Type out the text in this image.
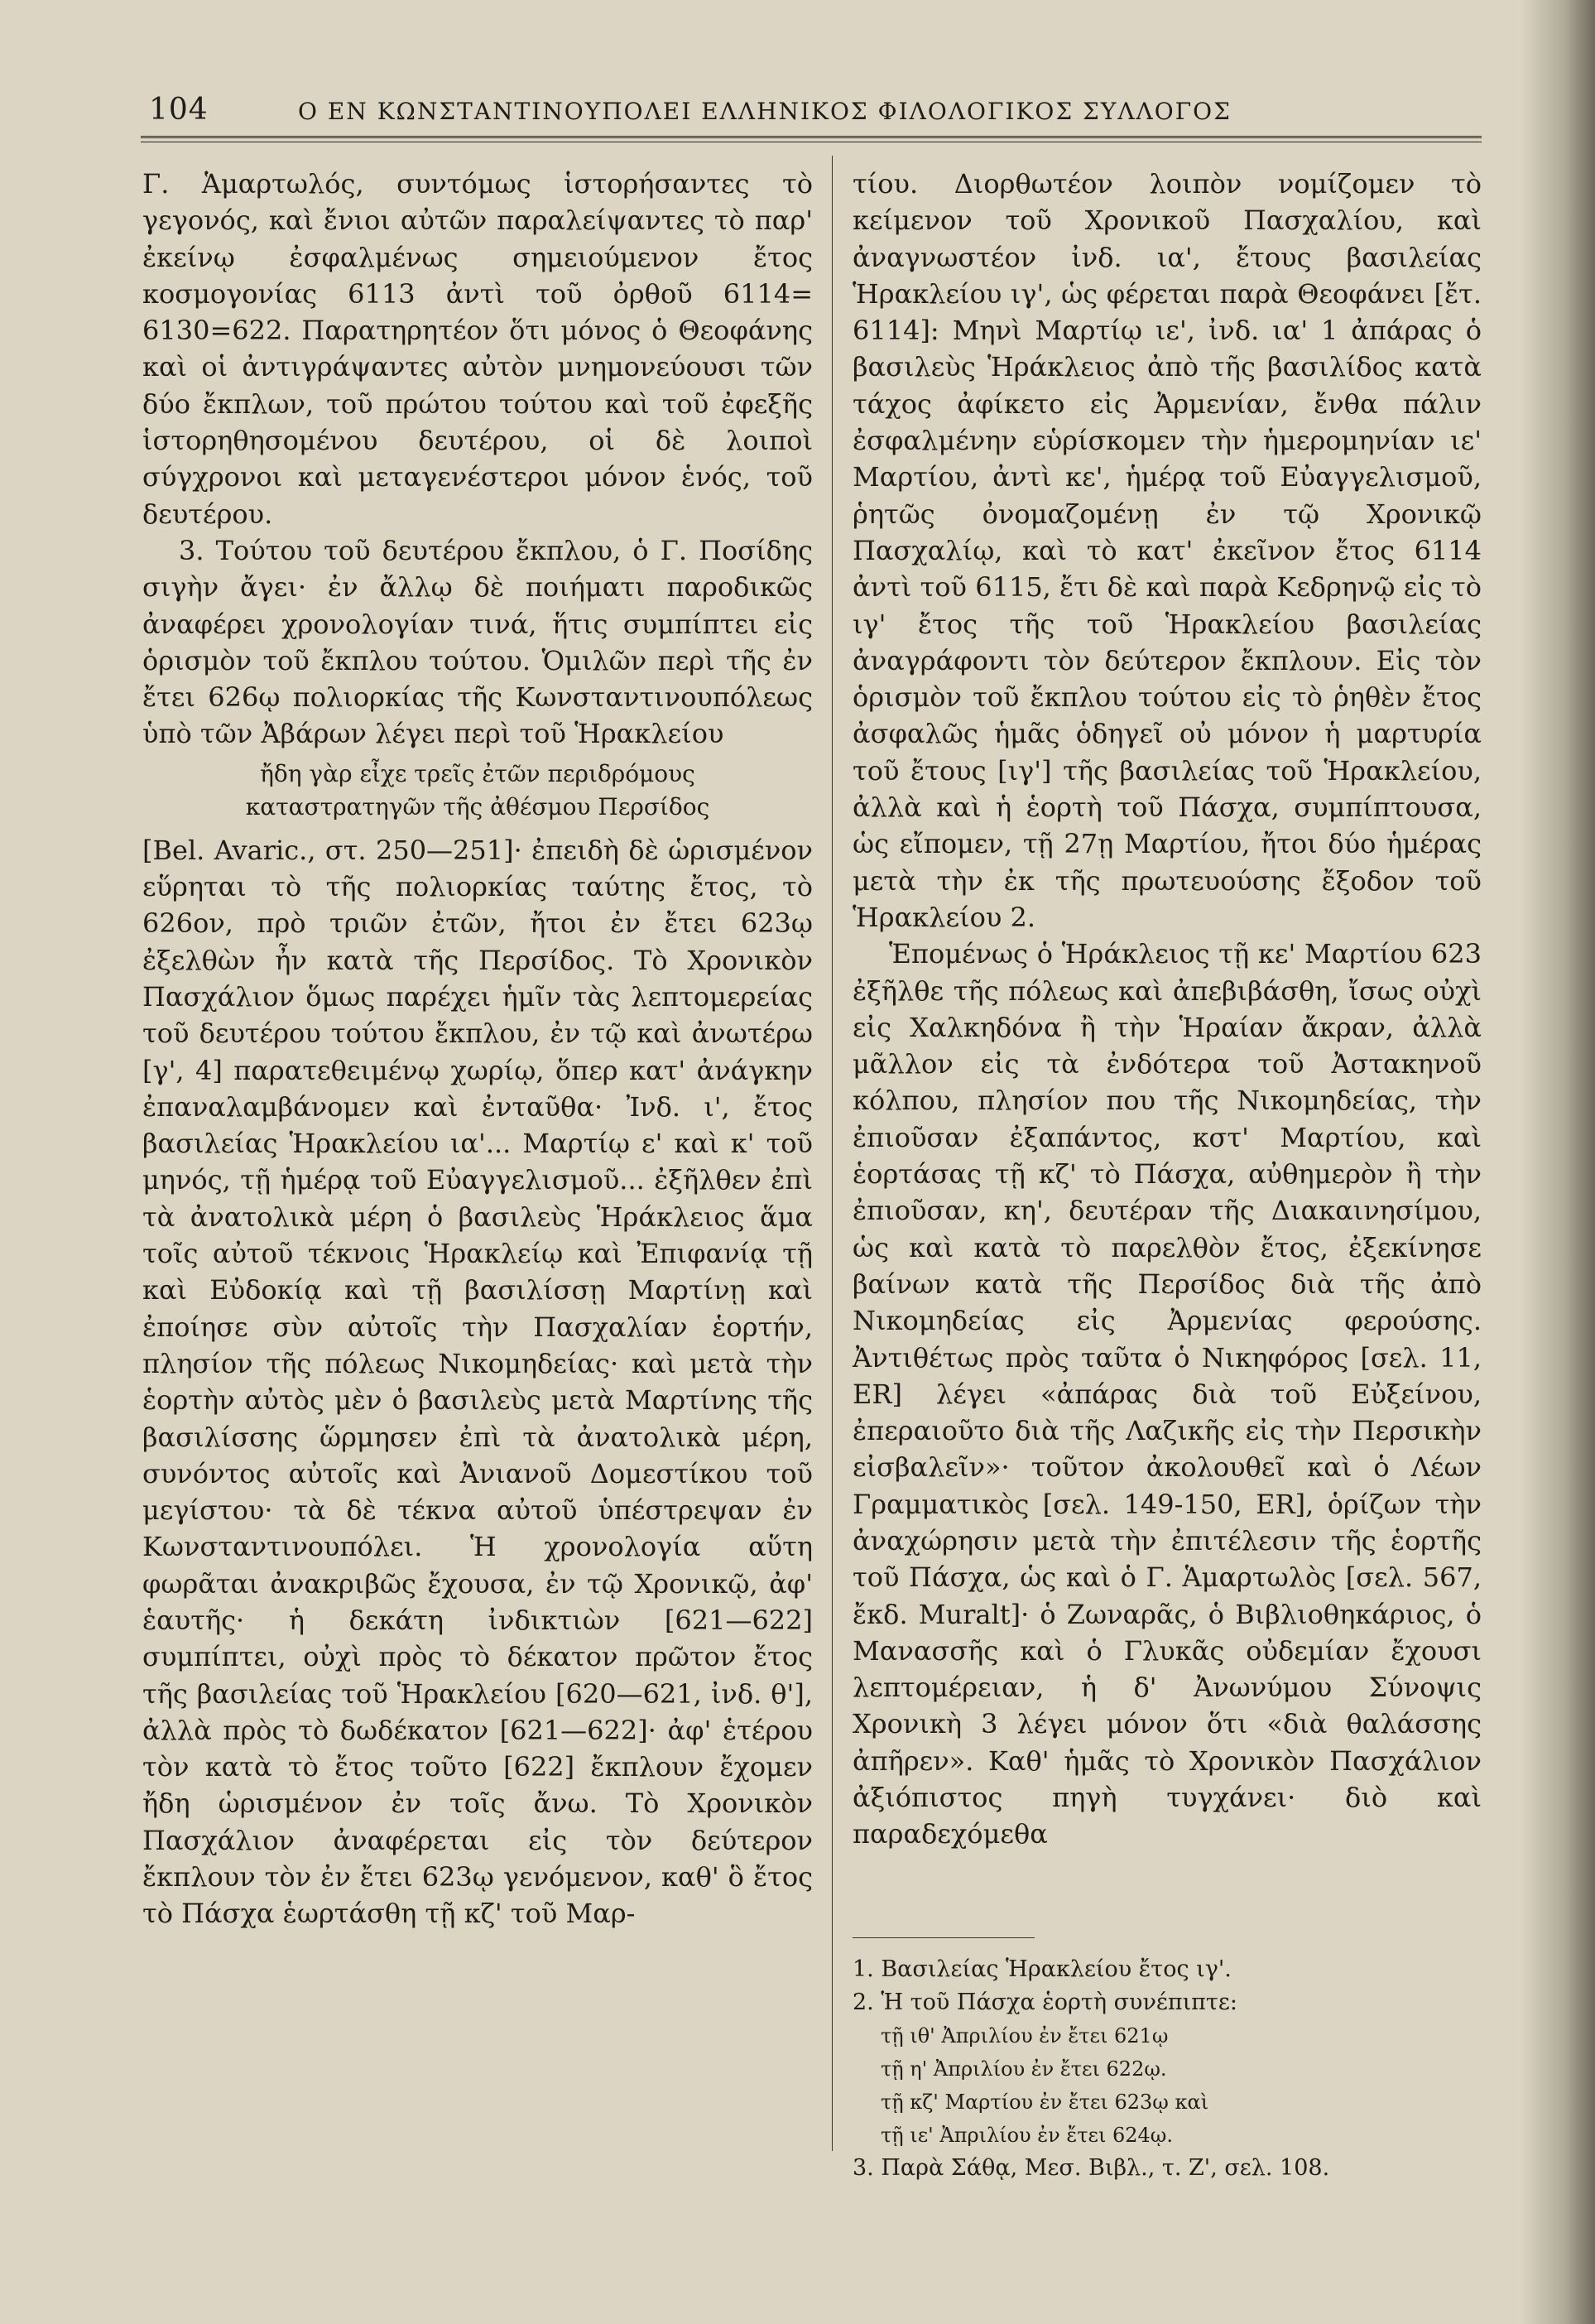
104	Ο ΕΝ ΚΩΝΣΤΑΝΤΙΝΟΥΠΟΛΕΙ ΕΛΛΗΝΙΚΟΣ ΦΙΛΟΛΟΓΙΚΟΣ ΣΥΛΛΟΓΟΣ

Γ. Ἁμαρτωλός, συντόμως ἱστορήσαντες τὸ γεγονός, καὶ ἔνιοι αὐτῶν παραλείψαντες τὸ παρ' ἐκείνῳ ἐσφαλμένως σημειούμενον ἔτος κοσμογονίας 6113 ἀντὶ τοῦ ὀρθοῦ 6114= 6130=622. Παρατηρητέον ὅτι μόνος ὁ Θεοφάνης καὶ οἱ ἀντιγράψαντες αὐτὸν μνημονεύουσι τῶν δύο ἔκπλων, τοῦ πρώτου τούτου καὶ τοῦ ἐφεξῆς ἱστορηθησομένου δευτέρου, οἱ δὲ λοιποὶ σύγχρονοι καὶ μεταγενέστεροι μόνον ἑνός, τοῦ δευτέρου.

3. Τούτου τοῦ δευτέρου ἔκπλου, ὁ Γ. Ποσίδης σιγὴν ἄγει· ἐν ἄλλῳ δὲ ποιήματι παροδικῶς ἀναφέρει χρονολογίαν τινά, ἥτις συμπίπτει εἰς ὁρισμὸν τοῦ ἔκπλου τούτου. Ὁμιλῶν περὶ τῆς ἐν ἔτει 626ῳ πολιορκίας τῆς Κωνσταντινουπόλεως ὑπὸ τῶν Ἀβάρων λέγει περὶ τοῦ Ἡρακλείου

ἤδη γὰρ εἶχε τρεῖς ἐτῶν περιδρόμους
καταστρατηγῶν τῆς ἀθέσμου Περσίδος

[Bel. Avaric., στ. 250—251]· ἐπειδὴ δὲ ὡρισμένον εὕρηται τὸ τῆς πολιορκίας ταύτης ἔτος, τὸ 626ον, πρὸ τριῶν ἐτῶν, ἤτοι ἐν ἔτει 623ῳ ἐξελθὼν ἦν κατὰ τῆς Περσίδος. Τὸ Χρονικὸν Πασχάλιον ὅμως παρέχει ἡμῖν τὰς λεπτομερείας τοῦ δευτέρου τούτου ἔκπλου, ἐν τῷ καὶ ἀνωτέρω [γ', 4] παρατεθειμένῳ χωρίῳ, ὅπερ κατ' ἀνάγκην ἐπαναλαμβάνομεν καὶ ἐνταῦθα· Ἰνδ. ι', ἔτος βασιλείας Ἡρακλείου ια'... Μαρτίῳ ε' καὶ κ' τοῦ μηνός, τῇ ἡμέρᾳ τοῦ Εὐαγγελισμοῦ... ἐξῆλθεν ἐπὶ τὰ ἀνατολικὰ μέρη ὁ βασιλεὺς Ἡράκλειος ἅμα τοῖς αὐτοῦ τέκνοις Ἡρακλείῳ καὶ Ἐπιφανίᾳ τῇ καὶ Εὐδοκίᾳ καὶ τῇ βασιλίσσῃ Μαρτίνῃ καὶ ἐποίησε σὺν αὐτοῖς τὴν Πασχαλίαν ἑορτήν, πλησίον τῆς πόλεως Νικομηδείας· καὶ μετὰ τὴν ἑορτὴν αὐτὸς μὲν ὁ βασιλεὺς μετὰ Μαρτίνης τῆς βασιλίσσης ὥρμησεν ἐπὶ τὰ ἀνατολικὰ μέρη, συνόντος αὐτοῖς καὶ Ἀνιανοῦ Δομεστίκου τοῦ μεγίστου· τὰ δὲ τέκνα αὐτοῦ ὑπέστρεψαν ἐν Κωνσταντινουπόλει. Ἡ χρονολογία αὕτη φωρᾶται ἀνακριβῶς ἔχουσα, ἐν τῷ Χρονικῷ, ἀφ' ἑαυτῆς· ἡ δεκάτη ἰνδικτιὼν [621—622] συμπίπτει, οὐχὶ πρὸς τὸ δέκατον πρῶτον ἔτος τῆς βασιλείας τοῦ Ἡρακλείου [620—621, ἰνδ. θ'], ἀλλὰ πρὸς τὸ δωδέκατον [621—622]· ἀφ' ἑτέρου τὸν κατὰ τὸ ἔτος τοῦτο [622] ἔκπλουν ἔχομεν ἤδη ὡρισμένον ἐν τοῖς ἄνω. Τὸ Χρονικὸν Πασχάλιον ἀναφέρεται εἰς τὸν δεύτερον ἔκπλουν τὸν ἐν ἔτει 623ῳ γενόμενον, καθ' ὃ ἔτος τὸ Πάσχα ἑωρτάσθη τῇ κζ' τοῦ Μαρ-

τίου. Διορθωτέον λοιπὸν νομίζομεν τὸ κείμενον τοῦ Χρονικοῦ Πασχαλίου, καὶ ἀναγνωστέον ἰνδ. ια', ἔτους βασιλείας Ἡρακλείου ιγ', ὡς φέρεται παρὰ Θεοφάνει [ἔτ. 6114]: Μηνὶ Μαρτίῳ ιε', ἰνδ. ια' 1 ἀπάρας ὁ βασιλεὺς Ἡράκλειος ἀπὸ τῆς βασιλίδος κατὰ τάχος ἀφίκετο εἰς Ἀρμενίαν, ἔνθα πάλιν ἐσφαλμένην εὑρίσκομεν τὴν ἡμερομηνίαν ιε' Μαρτίου, ἀντὶ κε', ἡμέρᾳ τοῦ Εὐαγγελισμοῦ, ῥητῶς ὀνομαζομένῃ ἐν τῷ Χρονικῷ Πασχαλίῳ, καὶ τὸ κατ' ἐκεῖνον ἔτος 6114 ἀντὶ τοῦ 6115, ἔτι δὲ καὶ παρὰ Κεδρηνῷ εἰς τὸ ιγ' ἔτος τῆς τοῦ Ἡρακλείου βασιλείας ἀναγράφοντι τὸν δεύτερον ἔκπλουν. Εἰς τὸν ὁρισμὸν τοῦ ἔκπλου τούτου εἰς τὸ ῥηθὲν ἔτος ἀσφαλῶς ἡμᾶς ὁδηγεῖ οὐ μόνον ἡ μαρτυρία τοῦ ἔτους [ιγ'] τῆς βασιλείας τοῦ Ἡρακλείου, ἀλλὰ καὶ ἡ ἑορτὴ τοῦ Πάσχα, συμπίπτουσα, ὡς εἴπομεν, τῇ 27ῃ Μαρτίου, ἤτοι δύο ἡμέρας μετὰ τὴν ἐκ τῆς πρωτευούσης ἔξοδον τοῦ Ἡρακλείου 2.

Ἑπομένως ὁ Ἡράκλειος τῇ κε' Μαρτίου 623 ἐξῆλθε τῆς πόλεως καὶ ἀπεβιβάσθη, ἴσως οὐχὶ εἰς Χαλκηδόνα ἢ τὴν Ἡραίαν ἄκραν, ἀλλὰ μᾶλλον εἰς τὰ ἐνδότερα τοῦ Ἀστακηνοῦ κόλπου, πλησίον που τῆς Νικομηδείας, τὴν ἐπιοῦσαν ἐξαπάντος, κστ' Μαρτίου, καὶ ἑορτάσας τῇ κζ' τὸ Πάσχα, αὐθημερὸν ἢ τὴν ἐπιοῦσαν, κη', δευτέραν τῆς Διακαινησίμου, ὡς καὶ κατὰ τὸ παρελθὸν ἔτος, ἐξεκίνησε βαίνων κατὰ τῆς Περσίδος διὰ τῆς ἀπὸ Νικομηδείας εἰς Ἀρμενίας φερούσης. Ἀντιθέτως πρὸς ταῦτα ὁ Νικηφόρος [σελ. 11, ER] λέγει «ἀπάρας διὰ τοῦ Εὐξείνου, ἐπεραιοῦτο διὰ τῆς Λαζικῆς εἰς τὴν Περσικὴν εἰσβαλεῖν»· τοῦτον ἀκολουθεῖ καὶ ὁ Λέων Γραμματικὸς [σελ. 149-150, ER], ὁρίζων τὴν ἀναχώρησιν μετὰ τὴν ἐπιτέλεσιν τῆς ἑορτῆς τοῦ Πάσχα, ὡς καὶ ὁ Γ. Ἁμαρτωλὸς [σελ. 567, ἔκδ. Muralt]· ὁ Ζωναρᾶς, ὁ Βιβλιοθηκάριος, ὁ Μανασσῆς καὶ ὁ Γλυκᾶς οὐδεμίαν ἔχουσι λεπτομέρειαν, ἡ δ' Ἀνωνύμου Σύνοψις Χρονικὴ 3 λέγει μόνον ὅτι «διὰ θαλάσσης ἀπῆρεν». Καθ' ἡμᾶς τὸ Χρονικὸν Πασχάλιον ἀξιόπιστος πηγὴ τυγχάνει· διὸ καὶ παραδεχόμεθα

1. Βασιλείας Ἡρακλείου ἔτος ιγ'.
2. Ἡ τοῦ Πάσχα ἑορτὴ συνέπιπτε:
τῇ ιθ' Ἀπριλίου ἐν ἔτει 621ῳ
τῇ η' Ἀπριλίου ἐν ἔτει 622ῳ.
τῇ κζ' Μαρτίου ἐν ἔτει 623ῳ καὶ
τῇ ιε' Ἀπριλίου ἐν ἔτει 624ῳ.
3. Παρὰ Σάθᾳ, Μεσ. Βιβλ., τ. Ζ', σελ. 108.
